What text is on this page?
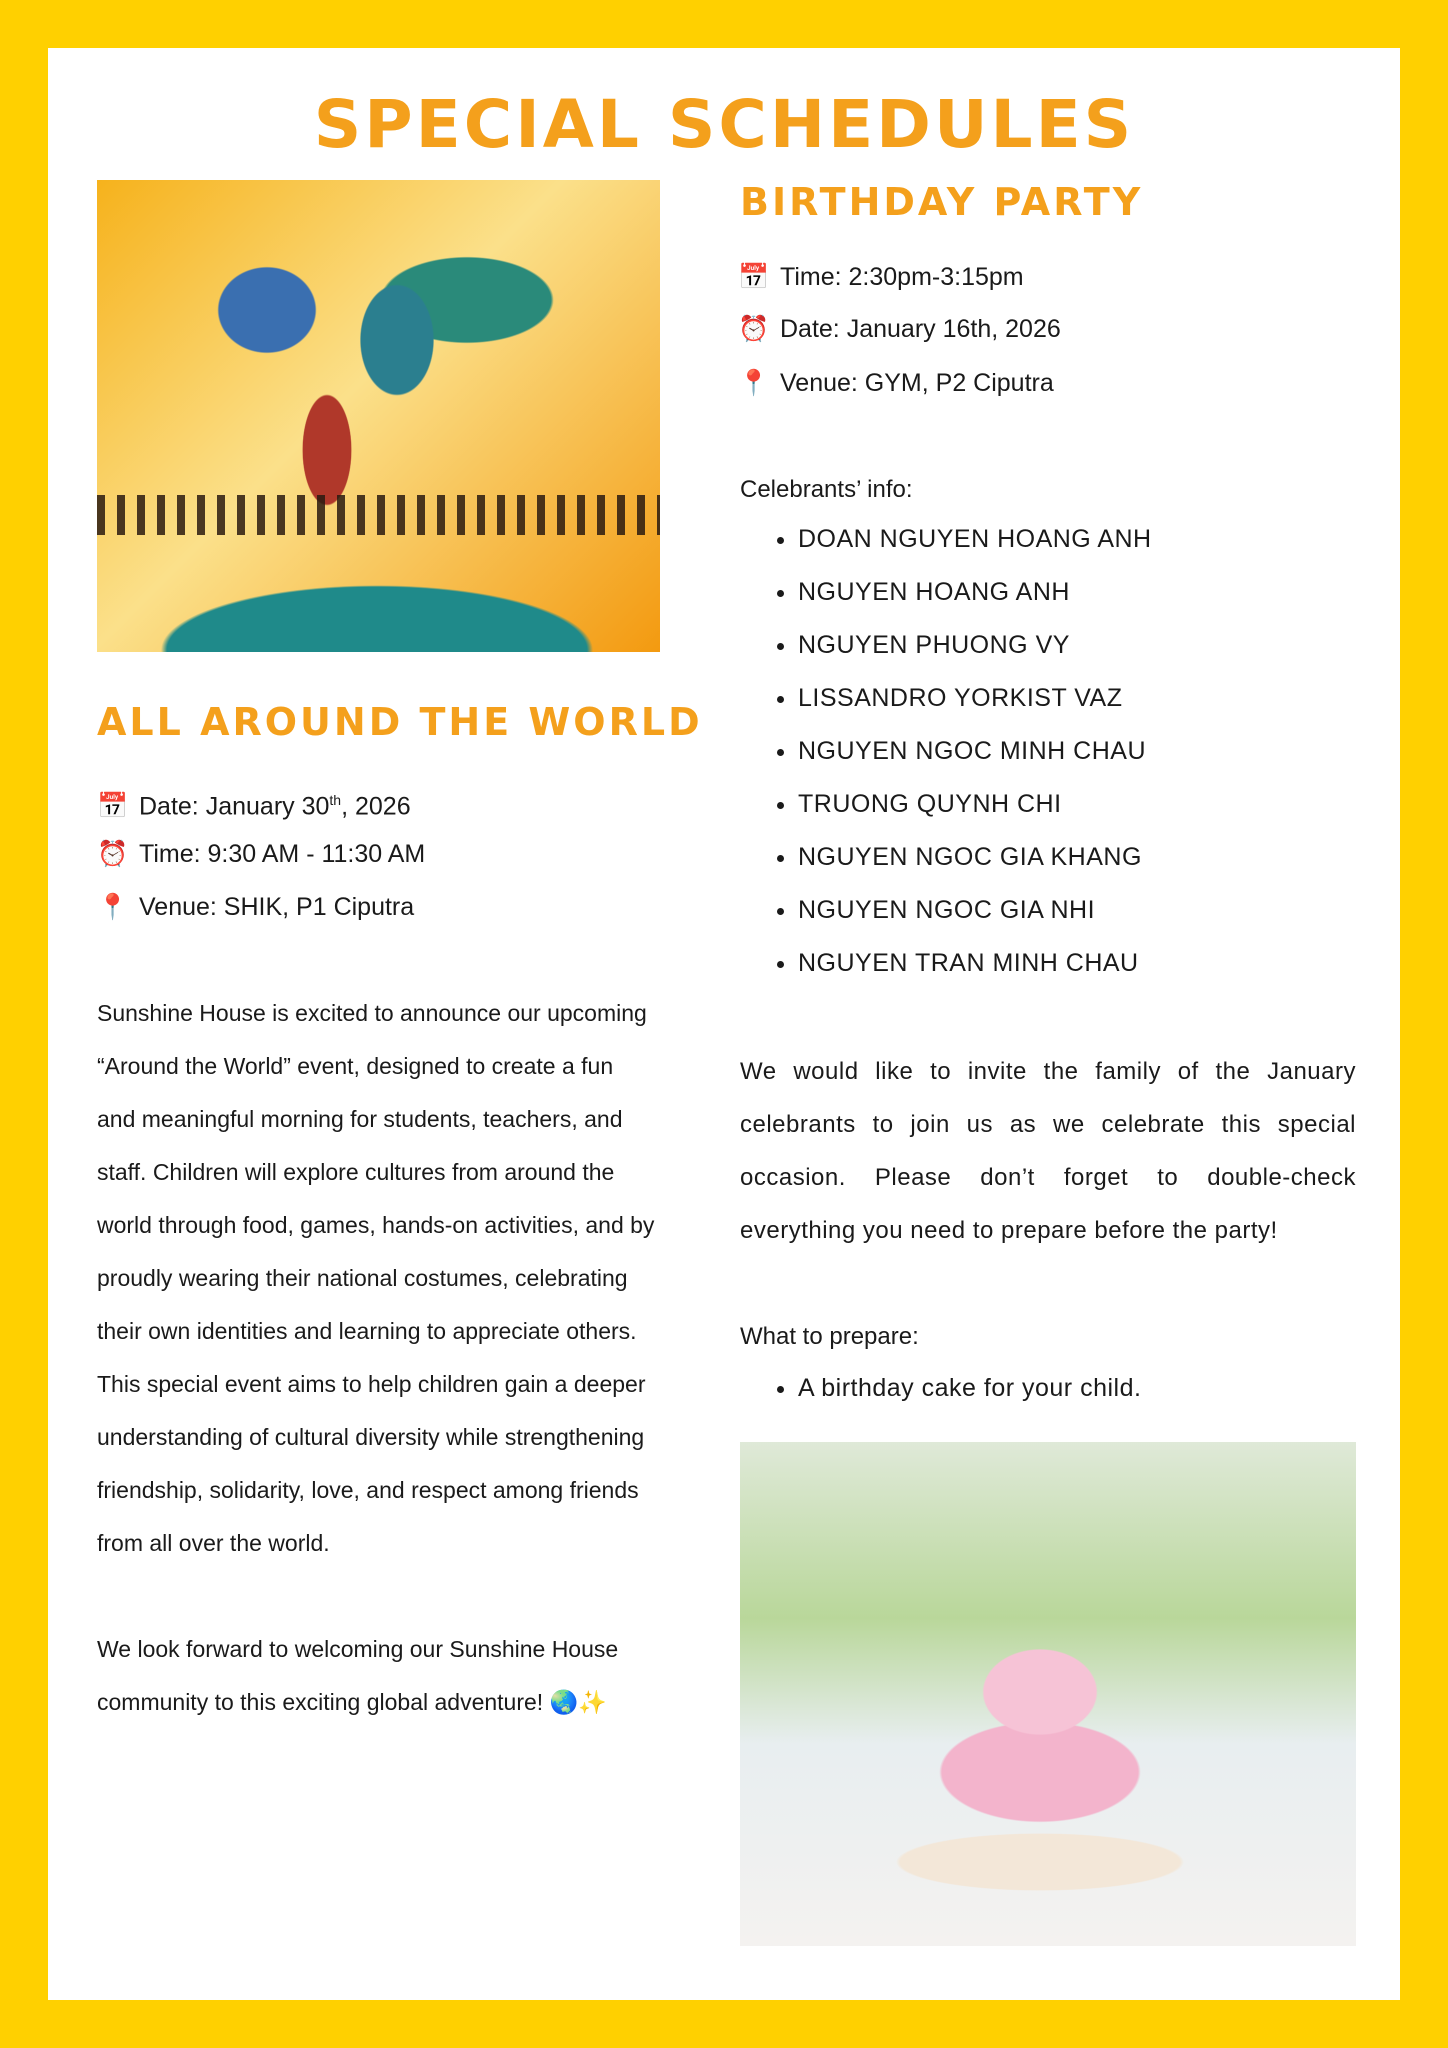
SPECIAL SCHEDULES
ALL AROUND THE WORLD
📅 Date: January 30th, 2026
⏰ Time: 9:30 AM - 11:30 AM
📍 Venue: SHIK, P1 Ciputra
Sunshine House is excited to announce our upcoming “Around the World” event, designed to create a fun and meaningful morning for students, teachers, and staff. Children will explore cultures from around the world through food, games, hands-on activities, and by proudly wearing their national costumes, celebrating their own identities and learning to appreciate others.
This special event aims to help children gain a deeper understanding of cultural diversity while strengthening friendship, solidarity, love, and respect among friends from all over the world.
We look forward to welcoming our Sunshine House community to this exciting global adventure! 🌏✨
BIRTHDAY PARTY
📅 Time: 2:30pm-3:15pm
⏰ Date: January 16th, 2026
📍 Venue: GYM, P2 Ciputra
Celebrants’ info:
• DOAN NGUYEN HOANG ANH
• NGUYEN HOANG ANH
• NGUYEN PHUONG VY
• LISSANDRO YORKIST VAZ
• NGUYEN NGOC MINH CHAU
• TRUONG QUYNH CHI
• NGUYEN NGOC GIA KHANG
• NGUYEN NGOC GIA NHI
• NGUYEN TRAN MINH CHAU
We would like to invite the family of the January celebrants to join us as we celebrate this special occasion. Please don’t forget to double-check everything you need to prepare before the party!
What to prepare:
• A birthday cake for your child.
